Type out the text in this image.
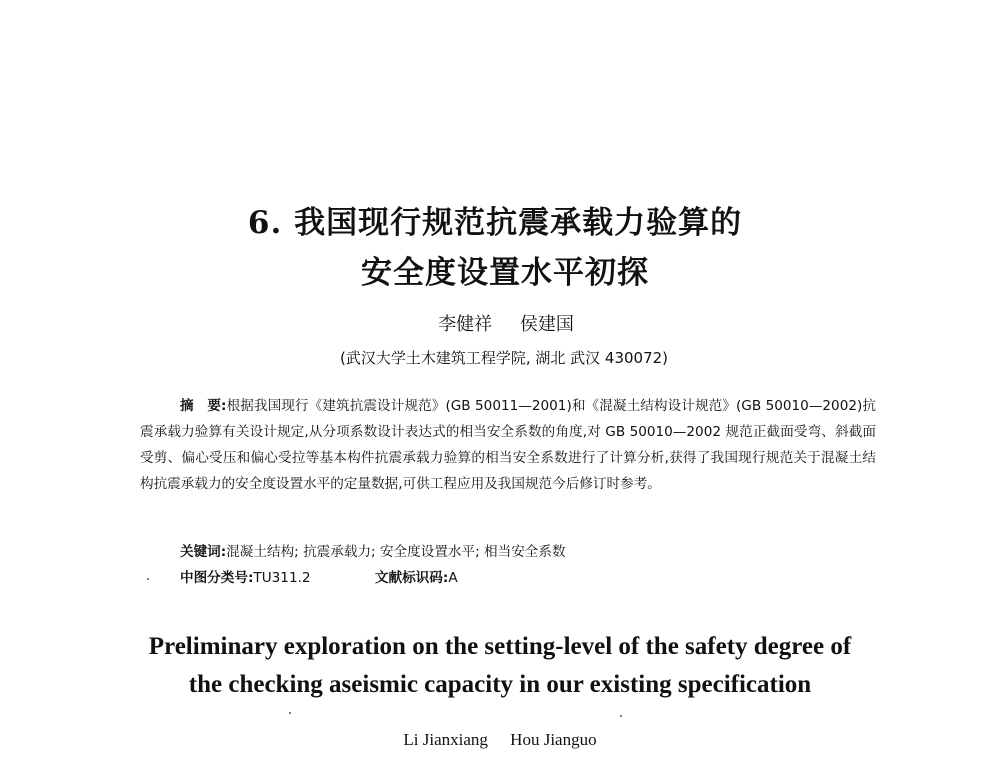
6. 我国现行规范抗震承载力验算的
安全度设置水平初探
李健祥 侯建国
(武汉大学土木建筑工程学院, 湖北 武汉 430072)

摘　要:根据我国现行《建筑抗震设计规范》(GB 50011—2001)和《混凝土结构设计规范》(GB 50010—2002)抗震承载力验算有关设计规定,从分项系数设计表达式的相当安全系数的角度,对 GB 50010—2002 规范正截面受弯、斜截面受剪、偏心受压和偏心受拉等基本构件抗震承载力验算的相当安全系数进行了计算分析,获得了我国现行规范关于混凝土结构抗震承载力的安全度设置水平的定量数据,可供工程应用及我国规范今后修订时参考。

关键词:混凝土结构; 抗震承载力; 安全度设置水平; 相当安全系数

中图分类号:TU311.2	文献标识码:A

Preliminary exploration on the setting-level of the safety degree of
the checking aseismic capacity in our existing specification
Li Jianxiang Hou Jianguo
